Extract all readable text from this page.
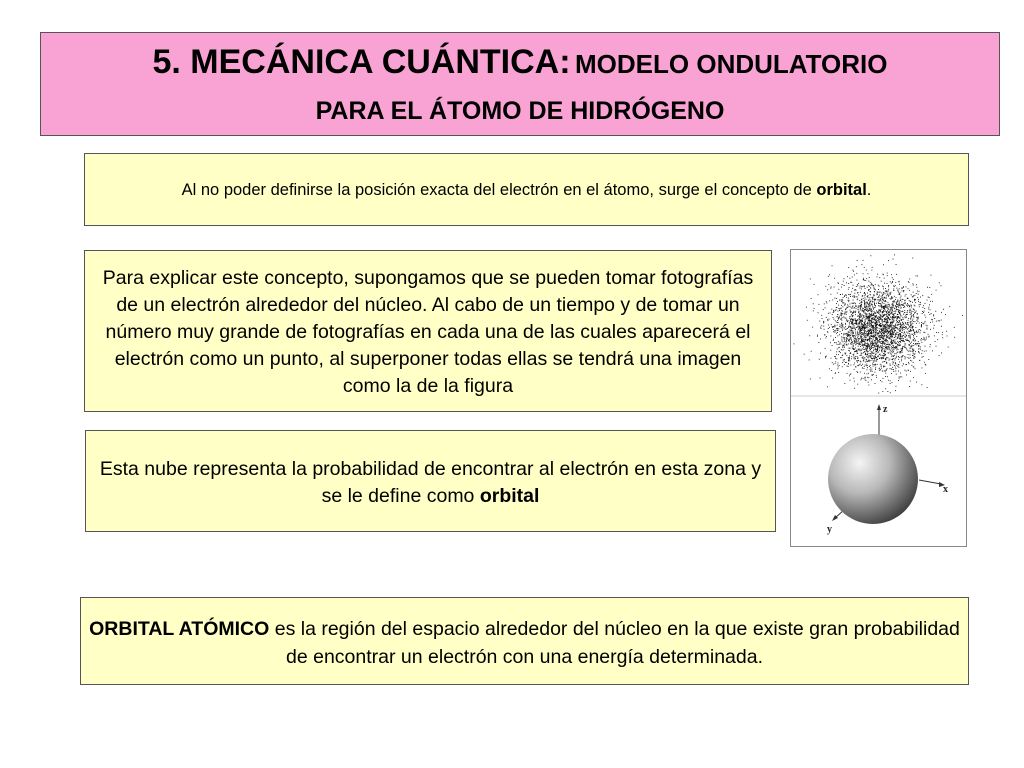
5. MECÁNICA CUÁNTICA: MODELO ONDULATORIO
PARA EL ÁTOMO DE HIDRÓGENO
Al no poder definirse la posición exacta del electrón en el átomo, surge el concepto de orbital.
Para explicar este concepto, supongamos que se pueden tomar fotografías de un electrón alrededor del núcleo. Al cabo de un tiempo y de tomar un número muy grande de fotografías en cada una de las cuales aparecerá el electrón como un punto, al superponer todas ellas se tendrá una imagen como la de la figura
Esta nube representa la probabilidad de encontrar al electrón en esta zona y se le define como orbital
ORBITAL ATÓMICO es la región del espacio alrededor del núcleo en la que existe gran probabilidad de encontrar un electrón con una energía determinada.
z
x
y
